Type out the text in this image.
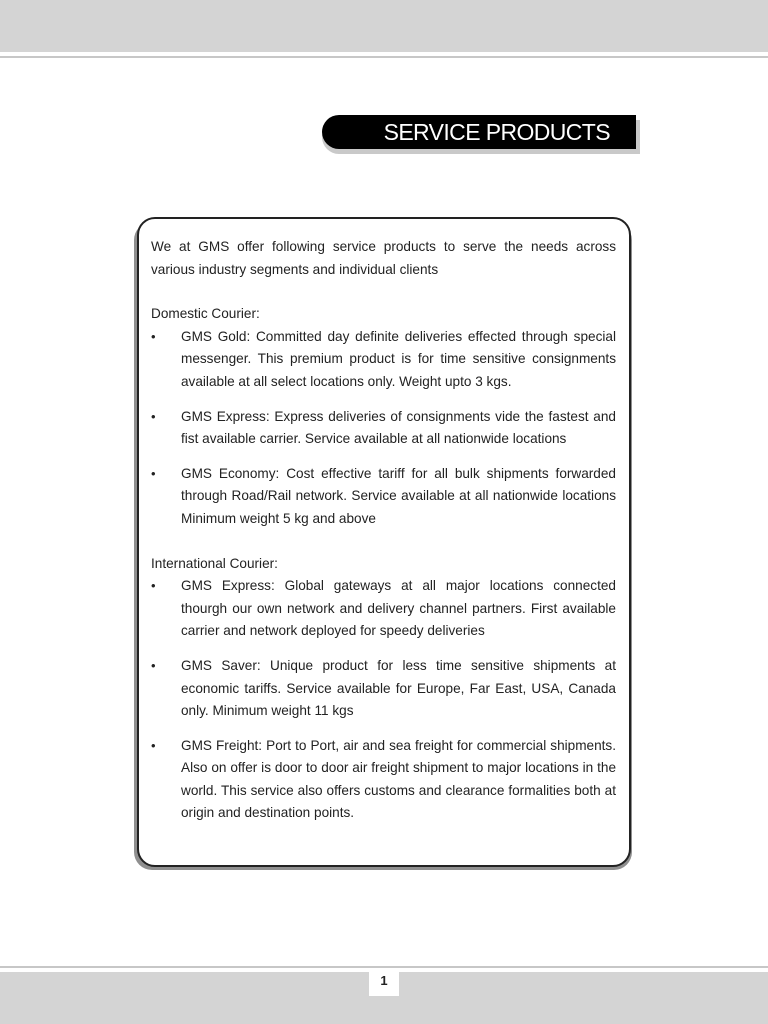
SERVICE PRODUCTS

We at GMS offer following service products to serve the needs across various industry segments and individual clients

Domestic Courier:

•	GMS Gold: Committed day definite deliveries effected through special messenger. This premium product is for time sensitive consignments available at all select locations only. Weight upto 3 kgs.
•	GMS Express: Express deliveries of consignments vide the fastest and fist available carrier. Service available at all nationwide locations
•	GMS Economy: Cost effective tariff for all bulk shipments forwarded through Road/Rail network. Service available at all nationwide locations Minimum weight 5 kg and above

International Courier:

•	GMS Express: Global gateways at all major locations connected thourgh our own network and delivery channel partners. First available carrier and network deployed for speedy deliveries
•	GMS Saver: Unique product for less time sensitive shipments at economic tariffs. Service available for Europe, Far East, USA, Canada only. Minimum weight 11 kgs
•	GMS Freight: Port to Port, air and sea freight for commercial shipments. Also on offer is door to door air freight shipment to major locations in the world. This service also offers customs and clearance formalities both at origin and destination points.
1
